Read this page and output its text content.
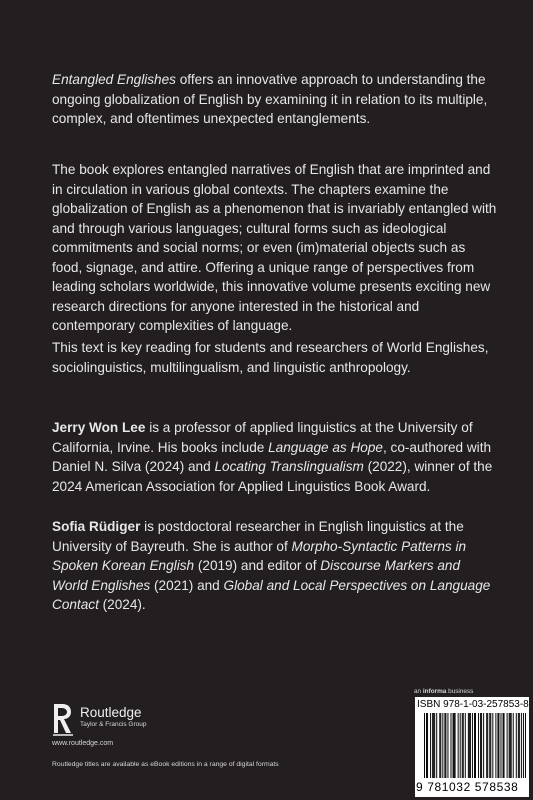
Entangled Englishes offers an innovative approach to understanding the ongoing globalization of English by examining it in relation to its multiple, complex, and oftentimes unexpected entanglements.

The book explores entangled narratives of English that are imprinted and in circulation in various global contexts. The chapters examine the globalization of English as a phenomenon that is invariably entangled with and through various languages; cultural forms such as ideological commitments and social norms; or even (im)material objects such as food, signage, and attire. Offering a unique range of perspectives from leading scholars worldwide, this innovative volume presents exciting new research directions for anyone interested in the historical and contemporary complexities of language.

This text is key reading for students and researchers of World Englishes, sociolinguistics, multilingualism, and linguistic anthropology.

Jerry Won Lee is a professor of applied linguistics at the University of California, Irvine. His books include Language as Hope, co-authored with Daniel N. Silva (2024) and Locating Translingualism (2022), winner of the 2024 American Association for Applied Linguistics Book Award.

Sofia Rüdiger is postdoctoral researcher in English linguistics at the University of Bayreuth. She is author of Morpho-Syntactic Patterns in Spoken Korean English (2019) and editor of Discourse Markers and World Englishes (2021) and Global and Local Perspectives on Language Contact (2024).

Routledge
Taylor & Francis Group
www.routledge.com
Routledge titles are available as eBook editions in a range of digital formats
an informa business
ISBN 978-1-03-257853-8
9 781032 578538
